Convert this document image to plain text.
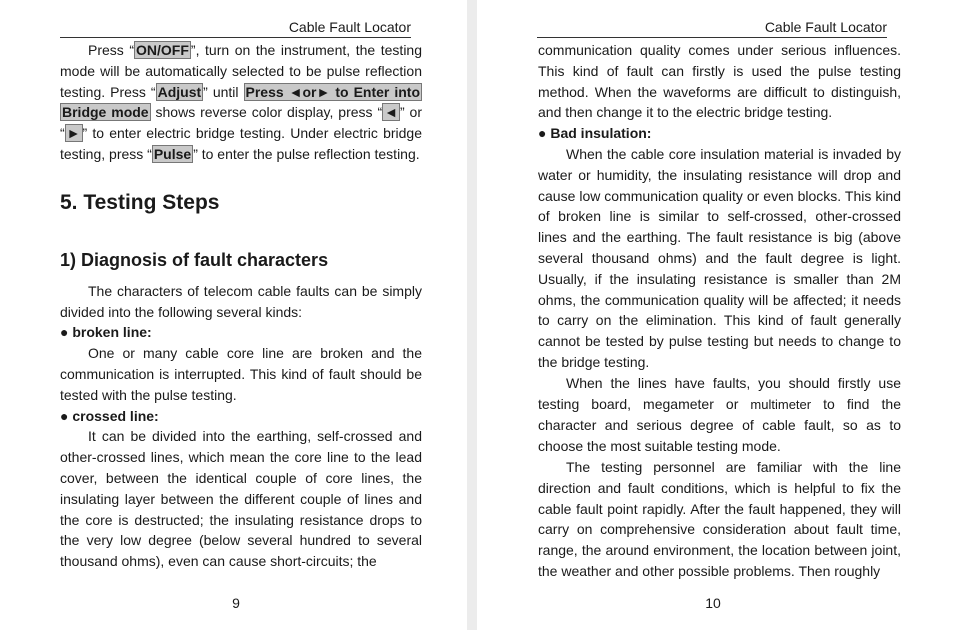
Cable Fault Locator

Press “ ON/OFF ”, turn on the instrument, the testing mode will be automatically selected to be pulse reflection testing. Press “ Adjust ” until Press ◄or► to Enter into Bridge mode shows reverse color display, press “ ◄ ” or “ ► ” to enter electric bridge testing. Under electric bridge testing, press “ Pulse ” to enter the pulse reflection testing.

5. Testing Steps
1) Diagnosis of fault characters

The characters of telecom cable faults can be simply divided into the following several kinds:

● broken line:

One or many cable core line are broken and the communication is interrupted. This kind of fault should be tested with the pulse testing.

● crossed line:

It can be divided into the earthing, self-crossed and other-crossed lines, which mean the core line to the lead cover, between the identical couple of core lines, the insulating layer between the different couple of lines and the core is destructed; the insulating resistance drops to the very low degree (below several hundred to several thousand ohms), even can cause short-circuits; the

9
Cable Fault Locator

communication quality comes under serious influences. This kind of fault can firstly is used the pulse testing method. When the waveforms are difficult to distinguish, and then change it to the electric bridge testing.

● Bad insulation:

When the cable core insulation material is invaded by water or humidity, the insulating resistance will drop and cause low communication quality or even blocks. This kind of broken line is similar to self-crossed, other-crossed lines and the earthing. The fault resistance is big (above several thousand ohms) and the fault degree is light. Usually, if the insulating resistance is smaller than 2M ohms, the communication quality will be affected; it needs to carry on the elimination. This kind of fault generally cannot be tested by pulse testing but needs to change to the bridge testing.

When the lines have faults, you should firstly use testing board, megameter or multimeter to find the character and serious degree of cable fault, so as to choose the most suitable testing mode.

The testing personnel are familiar with the line direction and fault conditions, which is helpful to fix the cable fault point rapidly. After the fault happened, they will carry on comprehensive consideration about fault time, range, the around environment, the location between joint, the weather and other possible problems. Then roughly

10
